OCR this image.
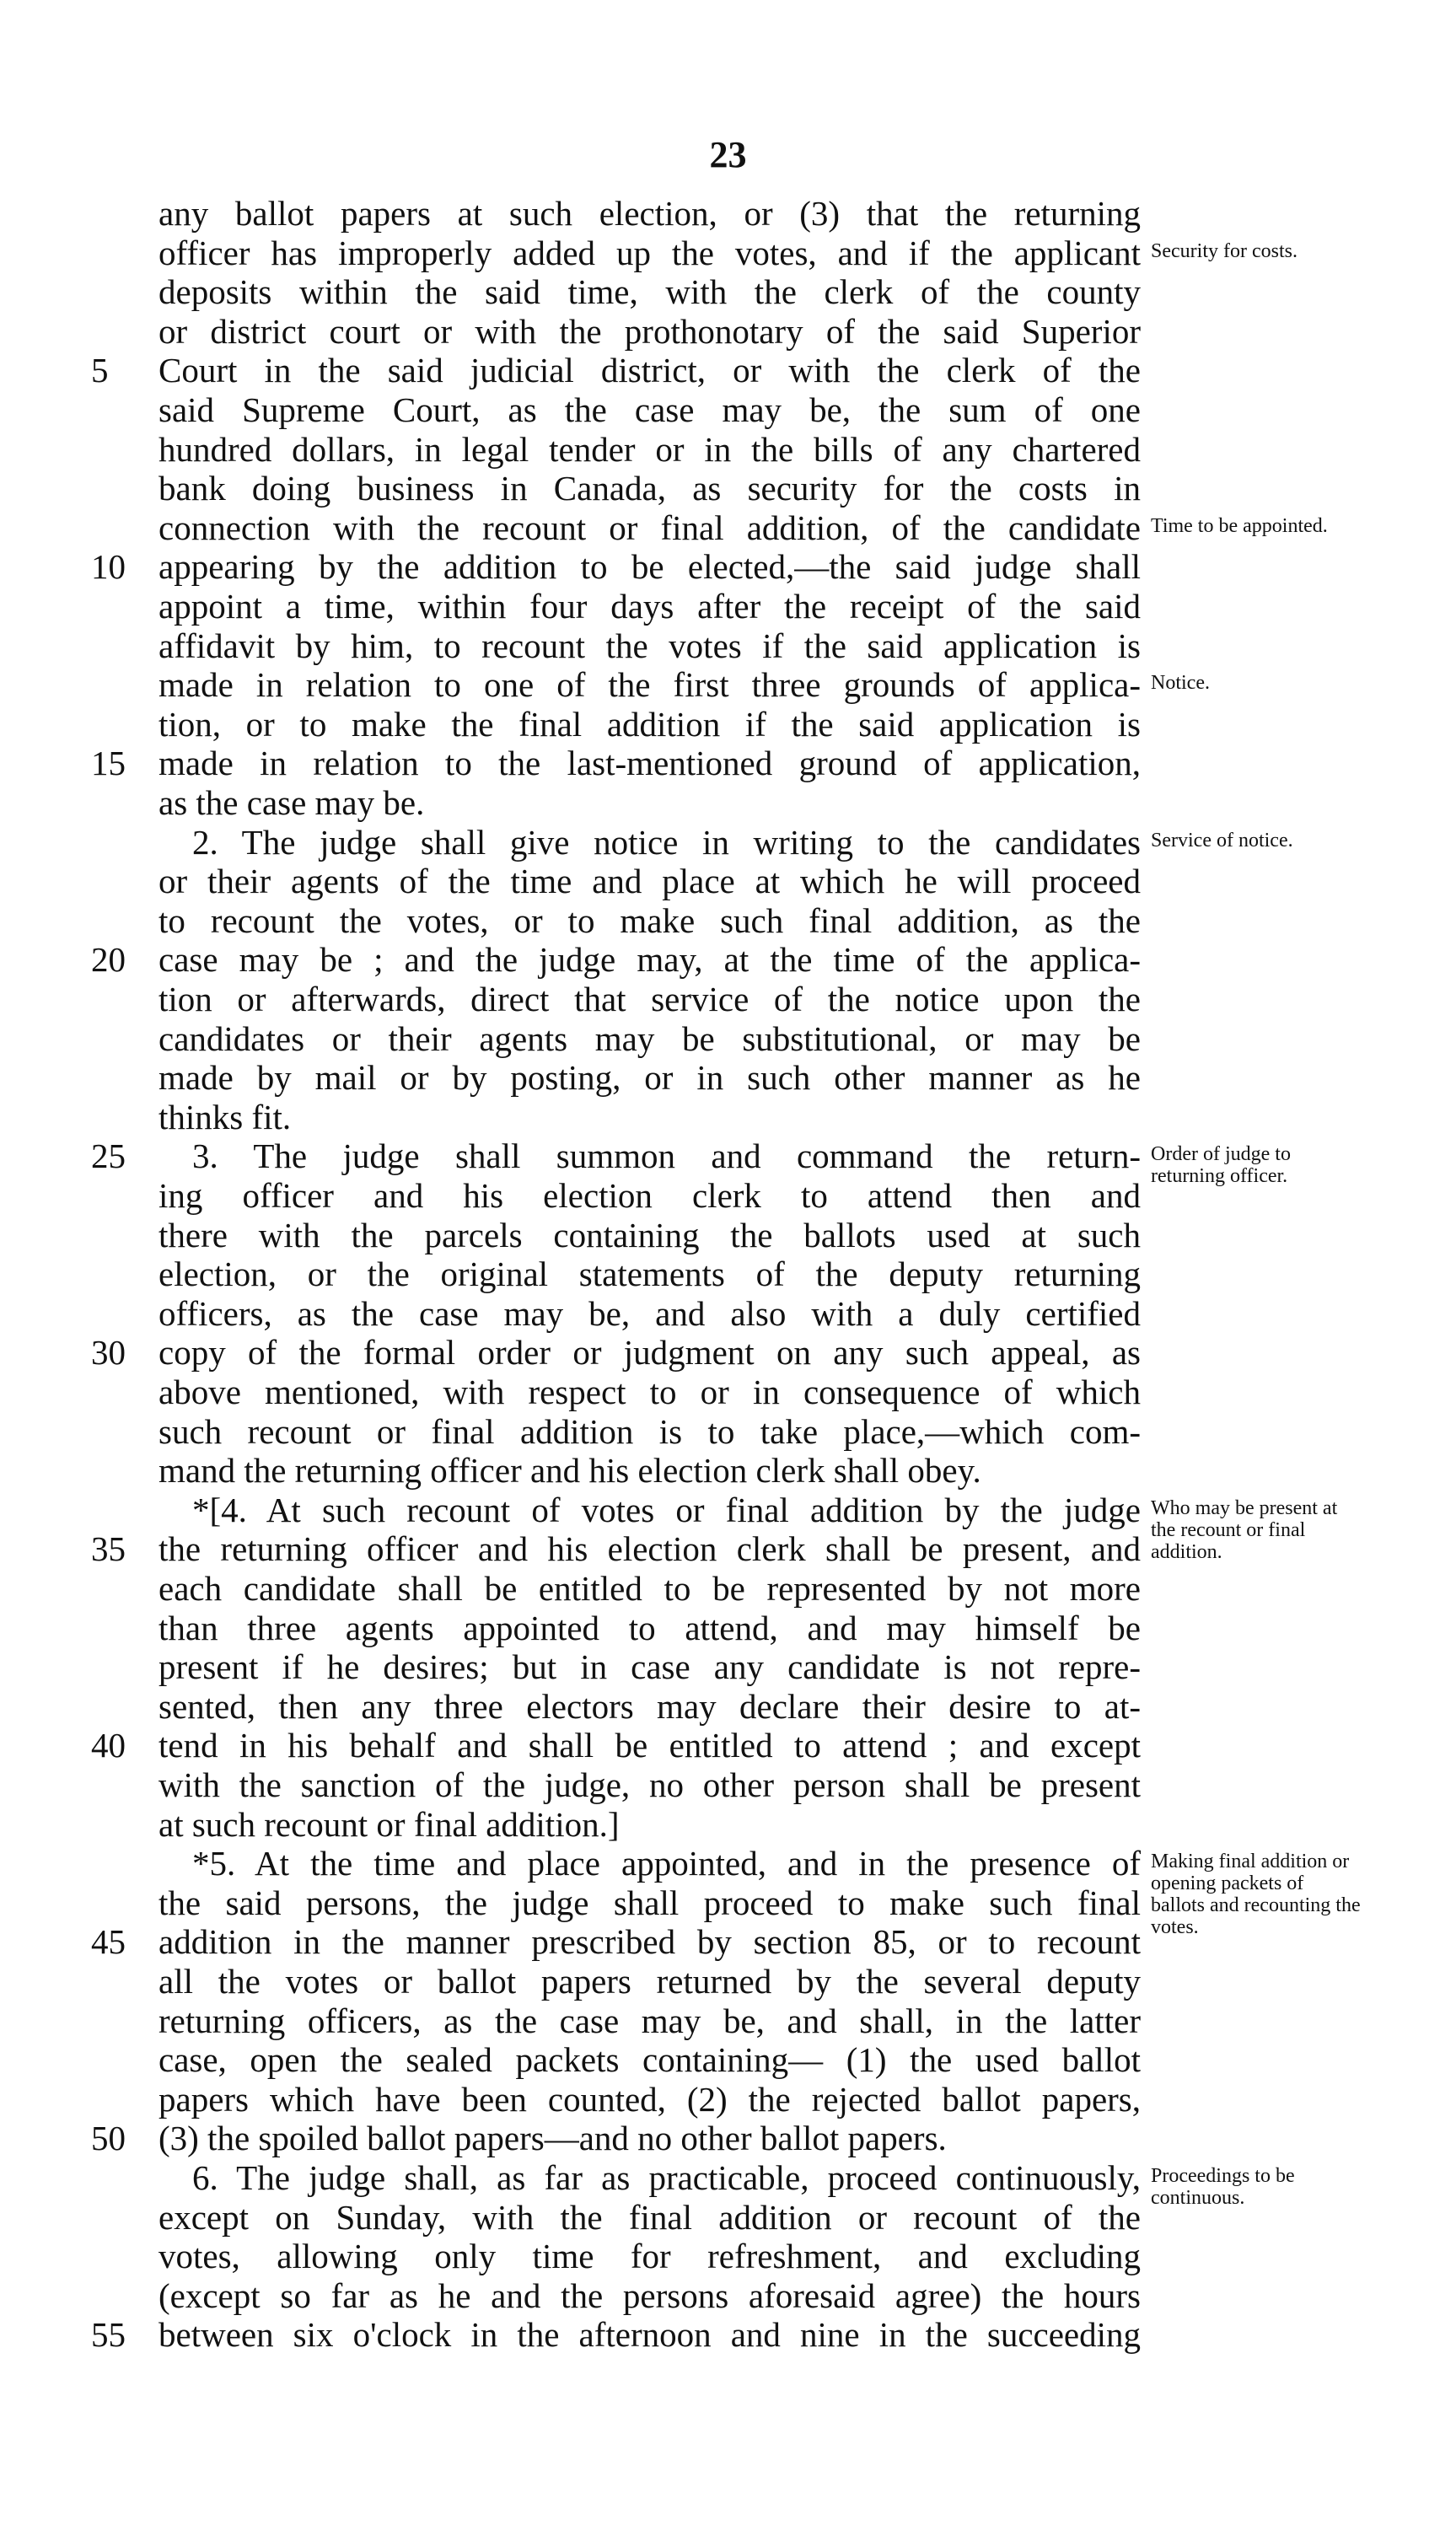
23
any ballot papers at such election, or (3) that the returning
officer has improperly added up the votes, and if the applicant
deposits within the said time, with the clerk of the county
or district court or with the prothonotary of the said Superior
5	Court in the said judicial district, or with the clerk of the
said Supreme Court, as the case may be, the sum of one
hundred dollars, in legal tender or in the bills of any chartered
bank doing business in Canada, as security for the costs in
connection with the recount or final addition, of the candidate
10 appearing by the addition to be elected,—the said judge shall
appoint a time, within four days after the receipt of the said
affidavit by him, to recount the votes if the said application is
made in relation to one of the first three grounds of applica-
tion, or to make the final addition if the said application is
15 made in relation to the last-mentioned ground of application,
as the case may be.
2. The judge shall give notice in writing to the candidates
or their agents of the time and place at which he will proceed
to recount the votes, or to make such final addition, as the
20 case may be ; and the judge may, at the time of the applica-
tion or afterwards, direct that service of the notice upon the
candidates or their agents may be substitutional, or may be
made by mail or by posting, or in such other manner as he
thinks fit.
25	3. The judge shall summon and command the return-
ing officer and his election clerk to attend then and
there with the parcels containing the ballots used at such
election, or the original statements of the deputy returning
officers, as the case may be, and also with a duly certified
30 copy of the formal order or judgment on any such appeal, as
above mentioned, with respect to or in consequence of which
such recount or final addition is to take place,—which com-
mand the returning officer and his election clerk shall obey.
*[4. At such recount of votes or final addition by the judge
35 the returning officer and his election clerk shall be present, and
each candidate shall be entitled to be represented by not more
than three agents appointed to attend, and may himself be
present if he desires; but in case any candidate is not repre-
sented, then any three electors may declare their desire to at-
40 tend in his behalf and shall be entitled to attend ; and except
with the sanction of the judge, no other person shall be present
at such recount or final addition.]
*5. At the time and place appointed, and in the presence of
the said persons, the judge shall proceed to make such final
45 addition in the manner prescribed by section 85, or to recount
all the votes or ballot papers returned by the several deputy
returning officers, as the case may be, and shall, in the latter
case, open the sealed packets containing— (1) the used ballot
papers which have been counted, (2) the rejected ballot papers,
50 (3) the spoiled ballot papers—and no other ballot papers.
6. The judge shall, as far as practicable, proceed continuously,
except on Sunday, with the final addition or recount of the
votes, allowing only time for refreshment, and excluding
(except so far as he and the persons aforesaid agree) the hours
55 between six o'clock in the afternoon and nine in the succeeding
Security for costs.
Time to be appointed.
Notice.
Service of notice.
Order of judge to returning officer.
Who may be present at the recount or final addition.
Making final addition or opening packets of ballots and recounting the votes.
Proceedings to be continuous.
